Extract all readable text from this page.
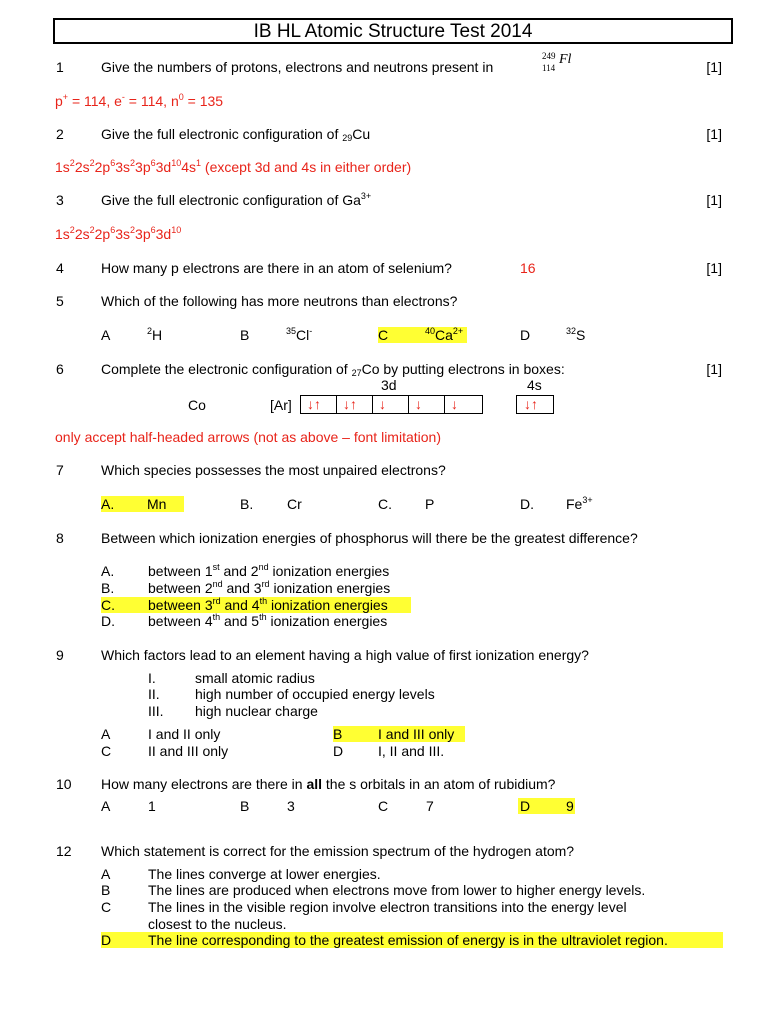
IB HL Atomic Structure Test 2014
1	Give the numbers of protons, electrons and neutrons present in
249
114
Fl	[1]
p+ = 114, e- = 114, $n^0 = 135$
2	Give the full electronic configuration of $_{29}$Cu	[1]
$1s^22s^22p^63s^23p^63d^{10}4s^1$ (except 3d and 4s in either order)
3	Give the full electronic configuration of $Ga^{3+}$	[1]
$1s^22s^22p^63s^23p^63d^{10}$
4	How many p electrons are there in an atom of selenium?	16	[1]
5	Which of the following has more neutrons than electrons?
A	$^2$H	B	$^{35}$Cl-	C	$^{40}Ca^{2+}$	D	$^{32}$S
6	Complete the electronic configuration of $_{27}$Co by putting electrons in boxes:	[1]
3d	4s
Co	[Ar]	↓↑	↓↑	↓	↓	↓	↓↑
only accept half-headed arrows (not as above – font limitation)
7	Which species possesses the most unpaired electrons?
A. Mn	B. Cr	C. P	D. $Fe^{3+}$
8	Between which ionization energies of phosphorus will there be the greatest difference?
A. between 1st and 2nd ionization energies
B. between 2nd and 3rd ionization energies
C. between 3rd and 4th ionization energies
D. between 4th and 5th ionization energies
9	Which factors lead to an element having a high value of first ionization energy?
I.	small atomic radius
II.	high number of occupied energy levels
III. high nuclear charge
A	I and II only	B	I and III only
C	II and III only	D I, II and III.
10 How many electrons are there in all the s orbitals in an atom of rubidium?
A	1	B	3	C	7	D	9
12 Which statement is correct for the emission spectrum of the hydrogen atom?
A	The lines converge at lower energies.
B	The lines are produced when electrons move from lower to higher energy levels.
C	The lines in the visible region involve electron transitions into the energy level
closest to the nucleus.
D	The line corresponding to the greatest emission of energy is in the ultraviolet region.
